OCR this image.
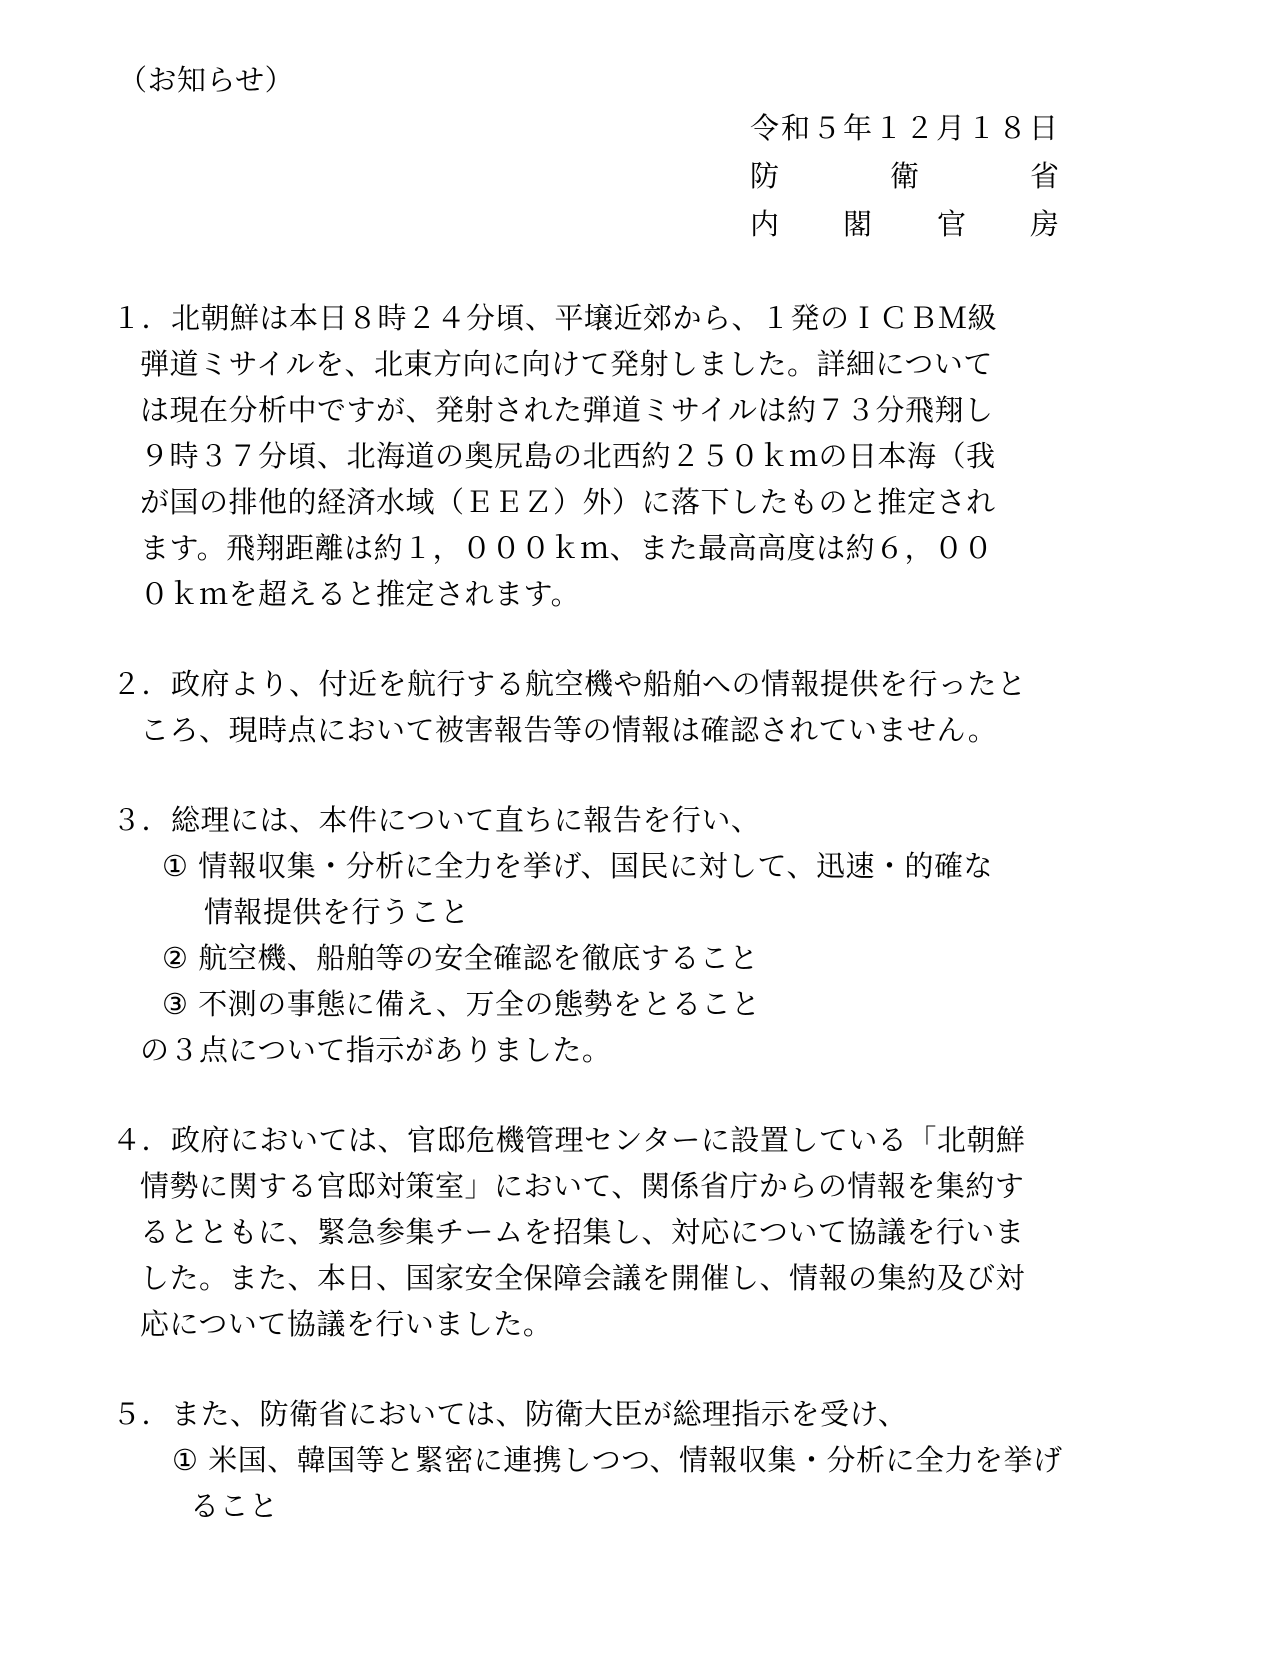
（お知らせ）
令和５年１２月１８日
防	衛	省
内 閣 官 房
１．北朝鮮は本日８時２４分頃、平壌近郊から、１発のＩＣＢＭ級
弾道ミサイルを、北東方向に向けて発射しました。詳細について
は現在分析中ですが、発射された弾道ミサイルは約７３分飛翔し
９時３７分頃、北海道の奥尻島の北西約２５０ｋｍの日本海（我
が国の排他的経済水域（ＥＥＺ）外）に落下したものと推定され
ます。飛翔距離は約１，０００ｋｍ、また最高高度は約６，００
０ｋｍを超えると推定されます。
２．政府より、付近を航行する航空機や船舶への情報提供を行ったと
ころ、現時点において被害報告等の情報は確認されていません。
３．総理には、本件について直ちに報告を行い、
① 情報収集・分析に全力を挙げ、国民に対して、迅速・的確な
情報提供を行うこと
② 航空機、船舶等の安全確認を徹底すること
③ 不測の事態に備え、万全の態勢をとること
の３点について指示がありました。
４．政府においては、官邸危機管理センターに設置している「北朝鮮
情勢に関する官邸対策室」において、関係省庁からの情報を集約す
るとともに、緊急参集チームを招集し、対応について協議を行いま
した。また、本日、国家安全保障会議を開催し、情報の集約及び対
応について協議を行いました。
５．また、防衛省においては、防衛大臣が総理指示を受け、
① 米国、韓国等と緊密に連携しつつ、情報収集・分析に全力を挙げ
ること
